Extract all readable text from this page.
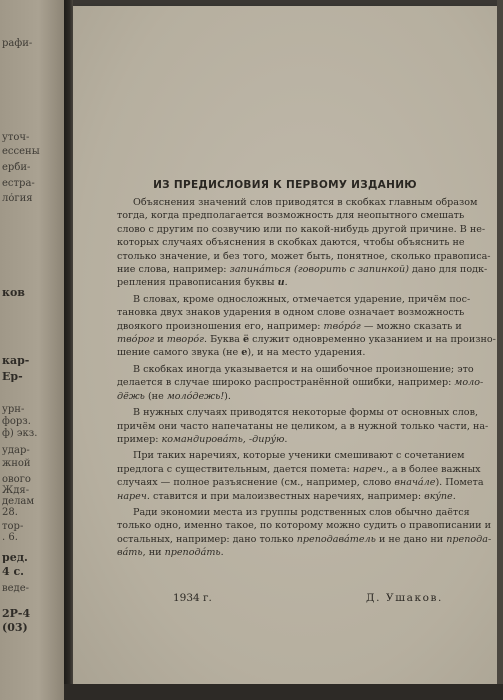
рафи-
уточ-
ессены
ерби-
естра-
лóгия
ков
кар-
Ер-
урн-
форз.
ф) экз.
удар-
жной
ового
Ждя-
делам
28.
тор-
. 6.
ред.
4 с.
веде-
2Р-4
(03)
ИЗ ПРЕДИСЛОВИЯ К ПЕРВОМУ ИЗДАНИЮ

Объяснения значений слов приводятся в скобках главным образом
тогда, когда предполагается возможность для неопытного смешать
слово с другим по созвучию или по какой-нибудь другой причине. В не-
которых случаях объяснения в скобках даются, чтобы объяснить не
столько значение, и без того, может быть, понятное, сколько правописа-
ние слова, например: запинáться (говорить с запинкой) дано для подк-
репления правописания буквы и.

В словах, кроме односложных, отмечается ударение, причём пос-
тановка двух знаков ударения в одном слове означает возможность
двоякого произношения его, например: твóрóг — можно сказать и
твóрог и творóг. Буква ё служит одновременно указанием и на произно-
шение самого звука (не е), и на место ударения.

В скобках иногда указывается и на ошибочное произношение; это
делается в случае широко распространённой ошибки, например: моло-
дёжь (не молóдежь!).

В нужных случаях приводятся некоторые формы от основных слов,
причём они часто напечатаны не целиком, а в нужной только части, на-
пример: командировáть, -дирýю.

При таких наречиях, которые ученики смешивают с сочетанием
предлога с существительным, дается помета: нареч., а в более важных
случаях — полное разъяснение (см., например, слово вначáле). Помета
нареч. ставится и при малоизвестных наречиях, например: вкýпе.

Ради экономии места из группы родственных слов обычно даётся
только одно, именно такое, по которому можно судить о правописании и
остальных, например: дано только преподавáтель и не дано ни препода-
вáть, ни преподáть.

1934 г.	Д. Ушаков.
